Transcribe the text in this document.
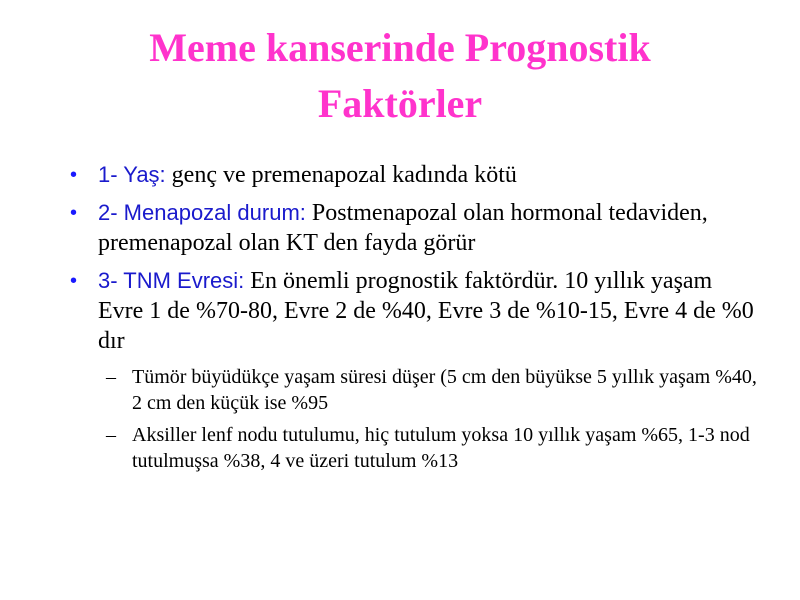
Meme kanserinde Prognostik
Faktörler
• 1- Yaş: genç ve premenapozal kadında kötü
• 2- Menapozal durum: Postmenapozal olan hormonal tedaviden, premenapozal olan KT den fayda görür
• 3- TNM Evresi: En önemli prognostik faktördür. 10 yıllık yaşam Evre 1 de %70-80, Evre 2 de %40, Evre 3 de %10-15, Evre 4 de %0 dır
– Tümör büyüdükçe yaşam süresi düşer (5 cm den büyükse 5 yıllık yaşam %40, 2 cm den küçük ise %95
– Aksiller lenf nodu tutulumu, hiç tutulum yoksa 10 yıllık yaşam %65, 1-3 nod tutulmuşsa %38, 4 ve üzeri tutulum %13
